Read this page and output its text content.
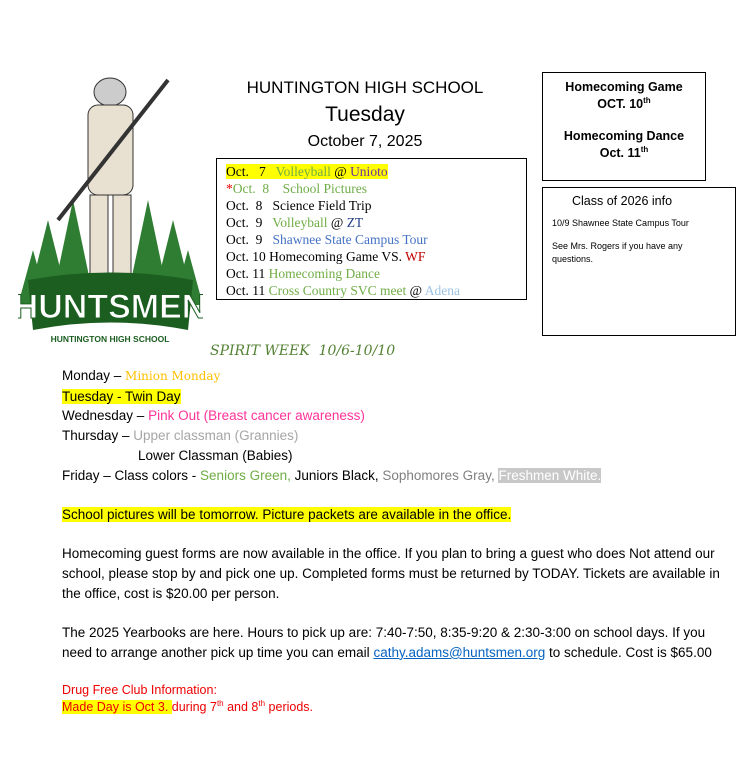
HUNTSMEN
HUNTINGTON HIGH SCHOOL
HUNTINGTON HIGH SCHOOL
Tuesday
October 7, 2025
Oct.   7   Volleyball @ Unioto
*Oct.  8    School Pictures
Oct.  8   Science Field Trip
Oct.  9   Volleyball @ ZT
Oct.  9   Shawnee State Campus Tour
Oct. 10 Homecoming Game VS. WF
Oct. 11 Homecoming Dance
Oct. 11 Cross Country SVC meet @ Adena
Homecoming Game
OCT. 10th
Homecoming Dance
Oct. 11th
Class of 2026 info
10/9 Shawnee State Campus Tour
See Mrs. Rogers if you have any questions.
SPIRIT WEEK  10/6-10/10
Monday – Minion Monday
Tuesday - Twin Day
Wednesday – Pink Out (Breast cancer awareness)
Thursday – Upper classman (Grannies)
Lower Classman (Babies)
Friday – Class colors - Seniors Green, Juniors Black, Sophomores Gray, Freshmen White.
School pictures will be tomorrow. Picture packets are available in the office.
Homecoming guest forms are now available in the office. If you plan to bring a guest who does Not attend our school, please stop by and pick one up. Completed forms must be returned by TODAY. Tickets are available in the office, cost is $20.00 per person.
The 2025 Yearbooks are here. Hours to pick up are: 7:40-7:50, 8:35-9:20 & 2:30-3:00 on school days. If you need to arrange another pick up time you can email cathy.adams@huntsmen.org to schedule. Cost is $65.00
Drug Free Club Information:
Made Day is Oct 3. during 7th and 8th periods.
